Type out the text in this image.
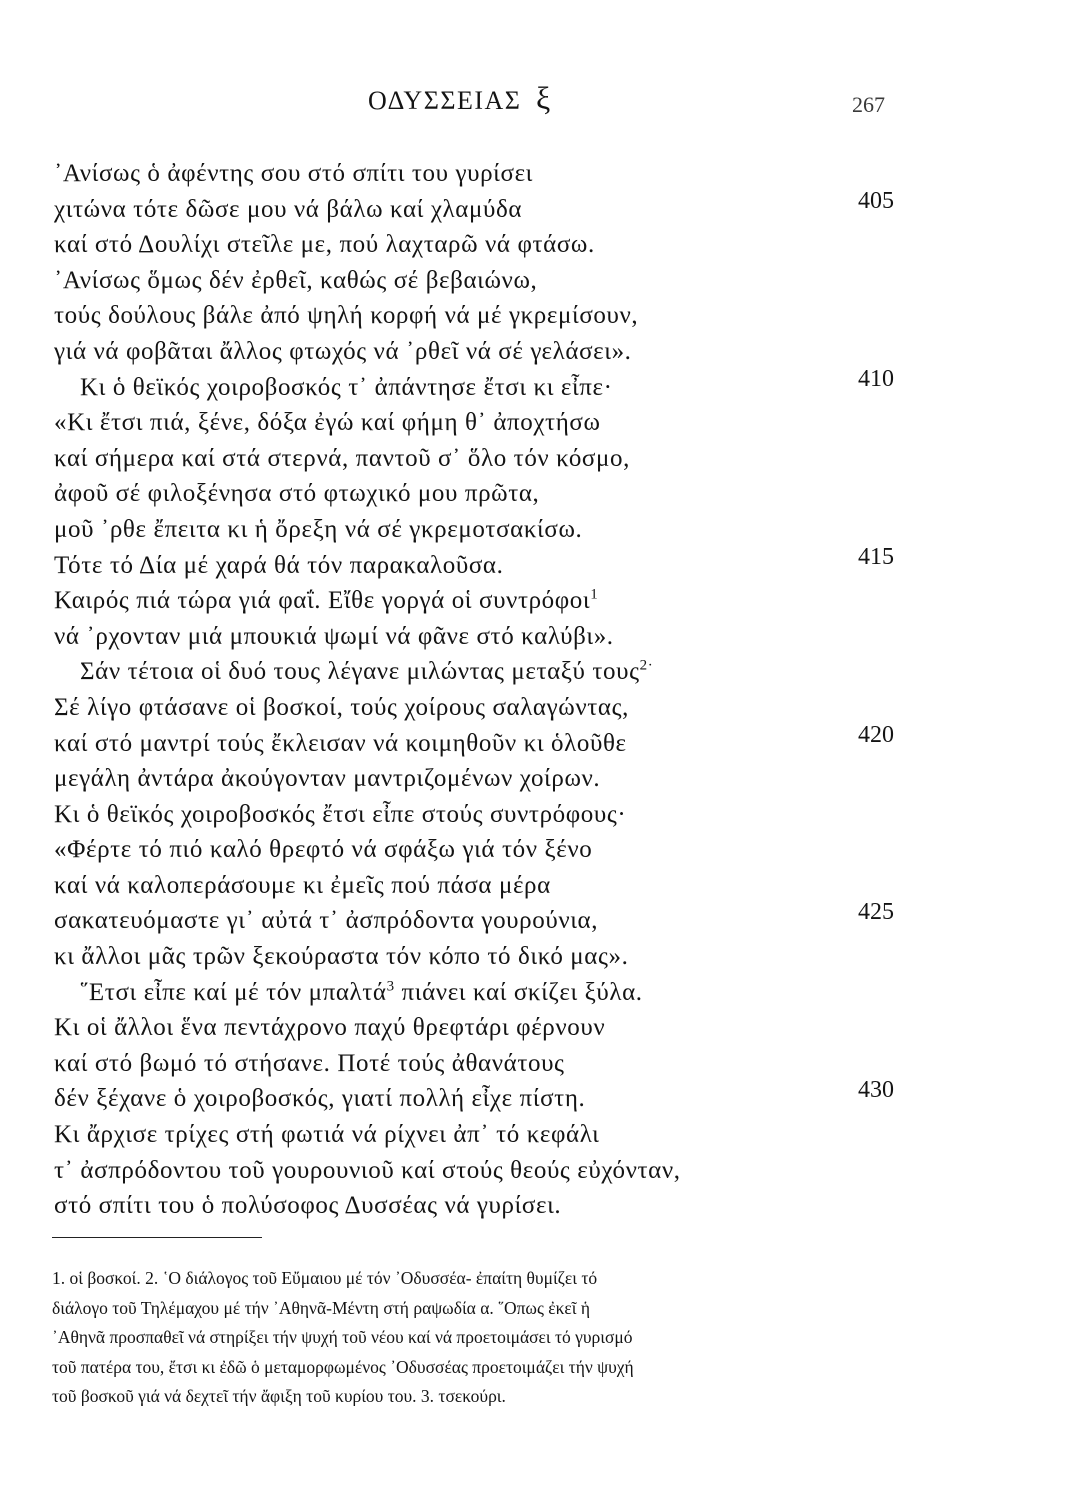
ΟΔΥΣΣΕΙΑΣ ξ	267
᾿Ανίσως ὁ ἀφέντης σου στό σπίτι του γυρίσει
χιτώνα τότε δῶσε μου νά βάλω καί χλαμύδα	405
καί στό Δουλίχι στεῖλε με, πού λαχταρῶ νά φτάσω.
᾿Ανίσως ὅμως δέν ἐρθεῖ, καθώς σέ βεβαιώνω,
τούς δούλους βάλε ἀπό ψηλή κορφή νά μέ γκρεμίσουν,
γιά νά φοβᾶται ἄλλος φτωχός νά ᾿ρθεῖ νά σέ γελάσει».
Κι ὁ θεϊκός χοιροβοσκός τ᾿ ἀπάντησε ἔτσι κι εἶπε·	410
«Κι ἔτσι πιά, ξένε, δόξα ἐγώ καί φήμη θ᾿ ἀποχτήσω
καί σήμερα καί στά στερνά, παντοῦ σ᾿ ὅλο τόν κόσμο,
ἀφοῦ σέ φιλοξένησα στό φτωχικό μου πρῶτα,
μοῦ ᾿ρθε ἔπειτα κι ἡ ὄρεξη νά σέ γκρεμοτσακίσω.
Τότε τό Δία μέ χαρά θά τόν παρακαλοῦσα.	415
Καιρός πιά τώρα γιά φαΐ. Εἴθε γοργά οἱ συντρόφοι$^1$
νά ᾿ρχονταν μιά μπουκιά ψωμί νά φᾶνε στό καλύβι».
Σάν τέτοια οἱ δυό τους λέγανε μιλώντας μεταξύ τους$^{2\cdot}$
Σέ λίγο φτάσανε οἱ βοσκοί, τούς χοίρους σαλαγώντας,
καί στό μαντρί τούς ἔκλεισαν νά κοιμηθοῦν κι ὁλοῦθε	420
μεγάλη ἀντάρα ἀκούγονταν μαντριζομένων χοίρων.
Κι ὁ θεϊκός χοιροβοσκός ἔτσι εἶπε στούς συντρόφους·
«Φέρτε τό πιό καλό θρεφτό νά σφάξω γιά τόν ξένο
καί νά καλοπεράσουμε κι ἐμεῖς πού πάσα μέρα
σακατευόμαστε γι᾿ αὐτά τ᾿ ἀσπρόδοντα γουρούνια,	425
κι ἄλλοι μᾶς τρῶν ξεκούραστα τόν κόπο τό δικό μας».
῞Ετσι εἶπε καί μέ τόν μπαλτά$^3$ πιάνει καί σκίζει ξύλα.
Κι οἱ ἄλλοι ἕνα πεντάχρονο παχύ θρεφτάρι φέρνουν
καί στό βωμό τό στήσανε. Ποτέ τούς ἀθανάτους
δέν ξέχανε ὁ χοιροβοσκός, γιατί πολλή εἶχε πίστη.	430
Κι ἄρχισε τρίχες στή φωτιά νά ρίχνει ἀπ᾿ τό κεφάλι
τ᾿ ἀσπρόδοντου τοῦ γουρουνιοῦ καί στούς θεούς εὐχόνταν,
στό σπίτι του ὁ πολύσοφος Δυσσέας νά γυρίσει.
1. οἱ βοσκοί. 2. ῾Ο διάλογος τοῦ Εὔμαιου μέ τόν ᾿Οδυσσέα- ἐπαίτη θυμίζει τό
διάλογο τοῦ Τηλέμαχου μέ τήν ᾿Αθηνᾶ-Μέντη στή ραψωδία α. ῞Οπως ἐκεῖ ἡ
᾿Αθηνᾶ προσπαθεῖ νά στηρίξει τήν ψυχή τοῦ νέου καί νά προετοιμάσει τό γυρισμό
τοῦ πατέρα του, ἔτσι κι ἐδῶ ὁ μεταμορφωμένος ᾿Οδυσσέας προετοιμάζει τήν ψυχή
τοῦ βοσκοῦ γιά νά δεχτεῖ τήν ἄφιξη τοῦ κυρίου του. 3. τσεκούρι.
